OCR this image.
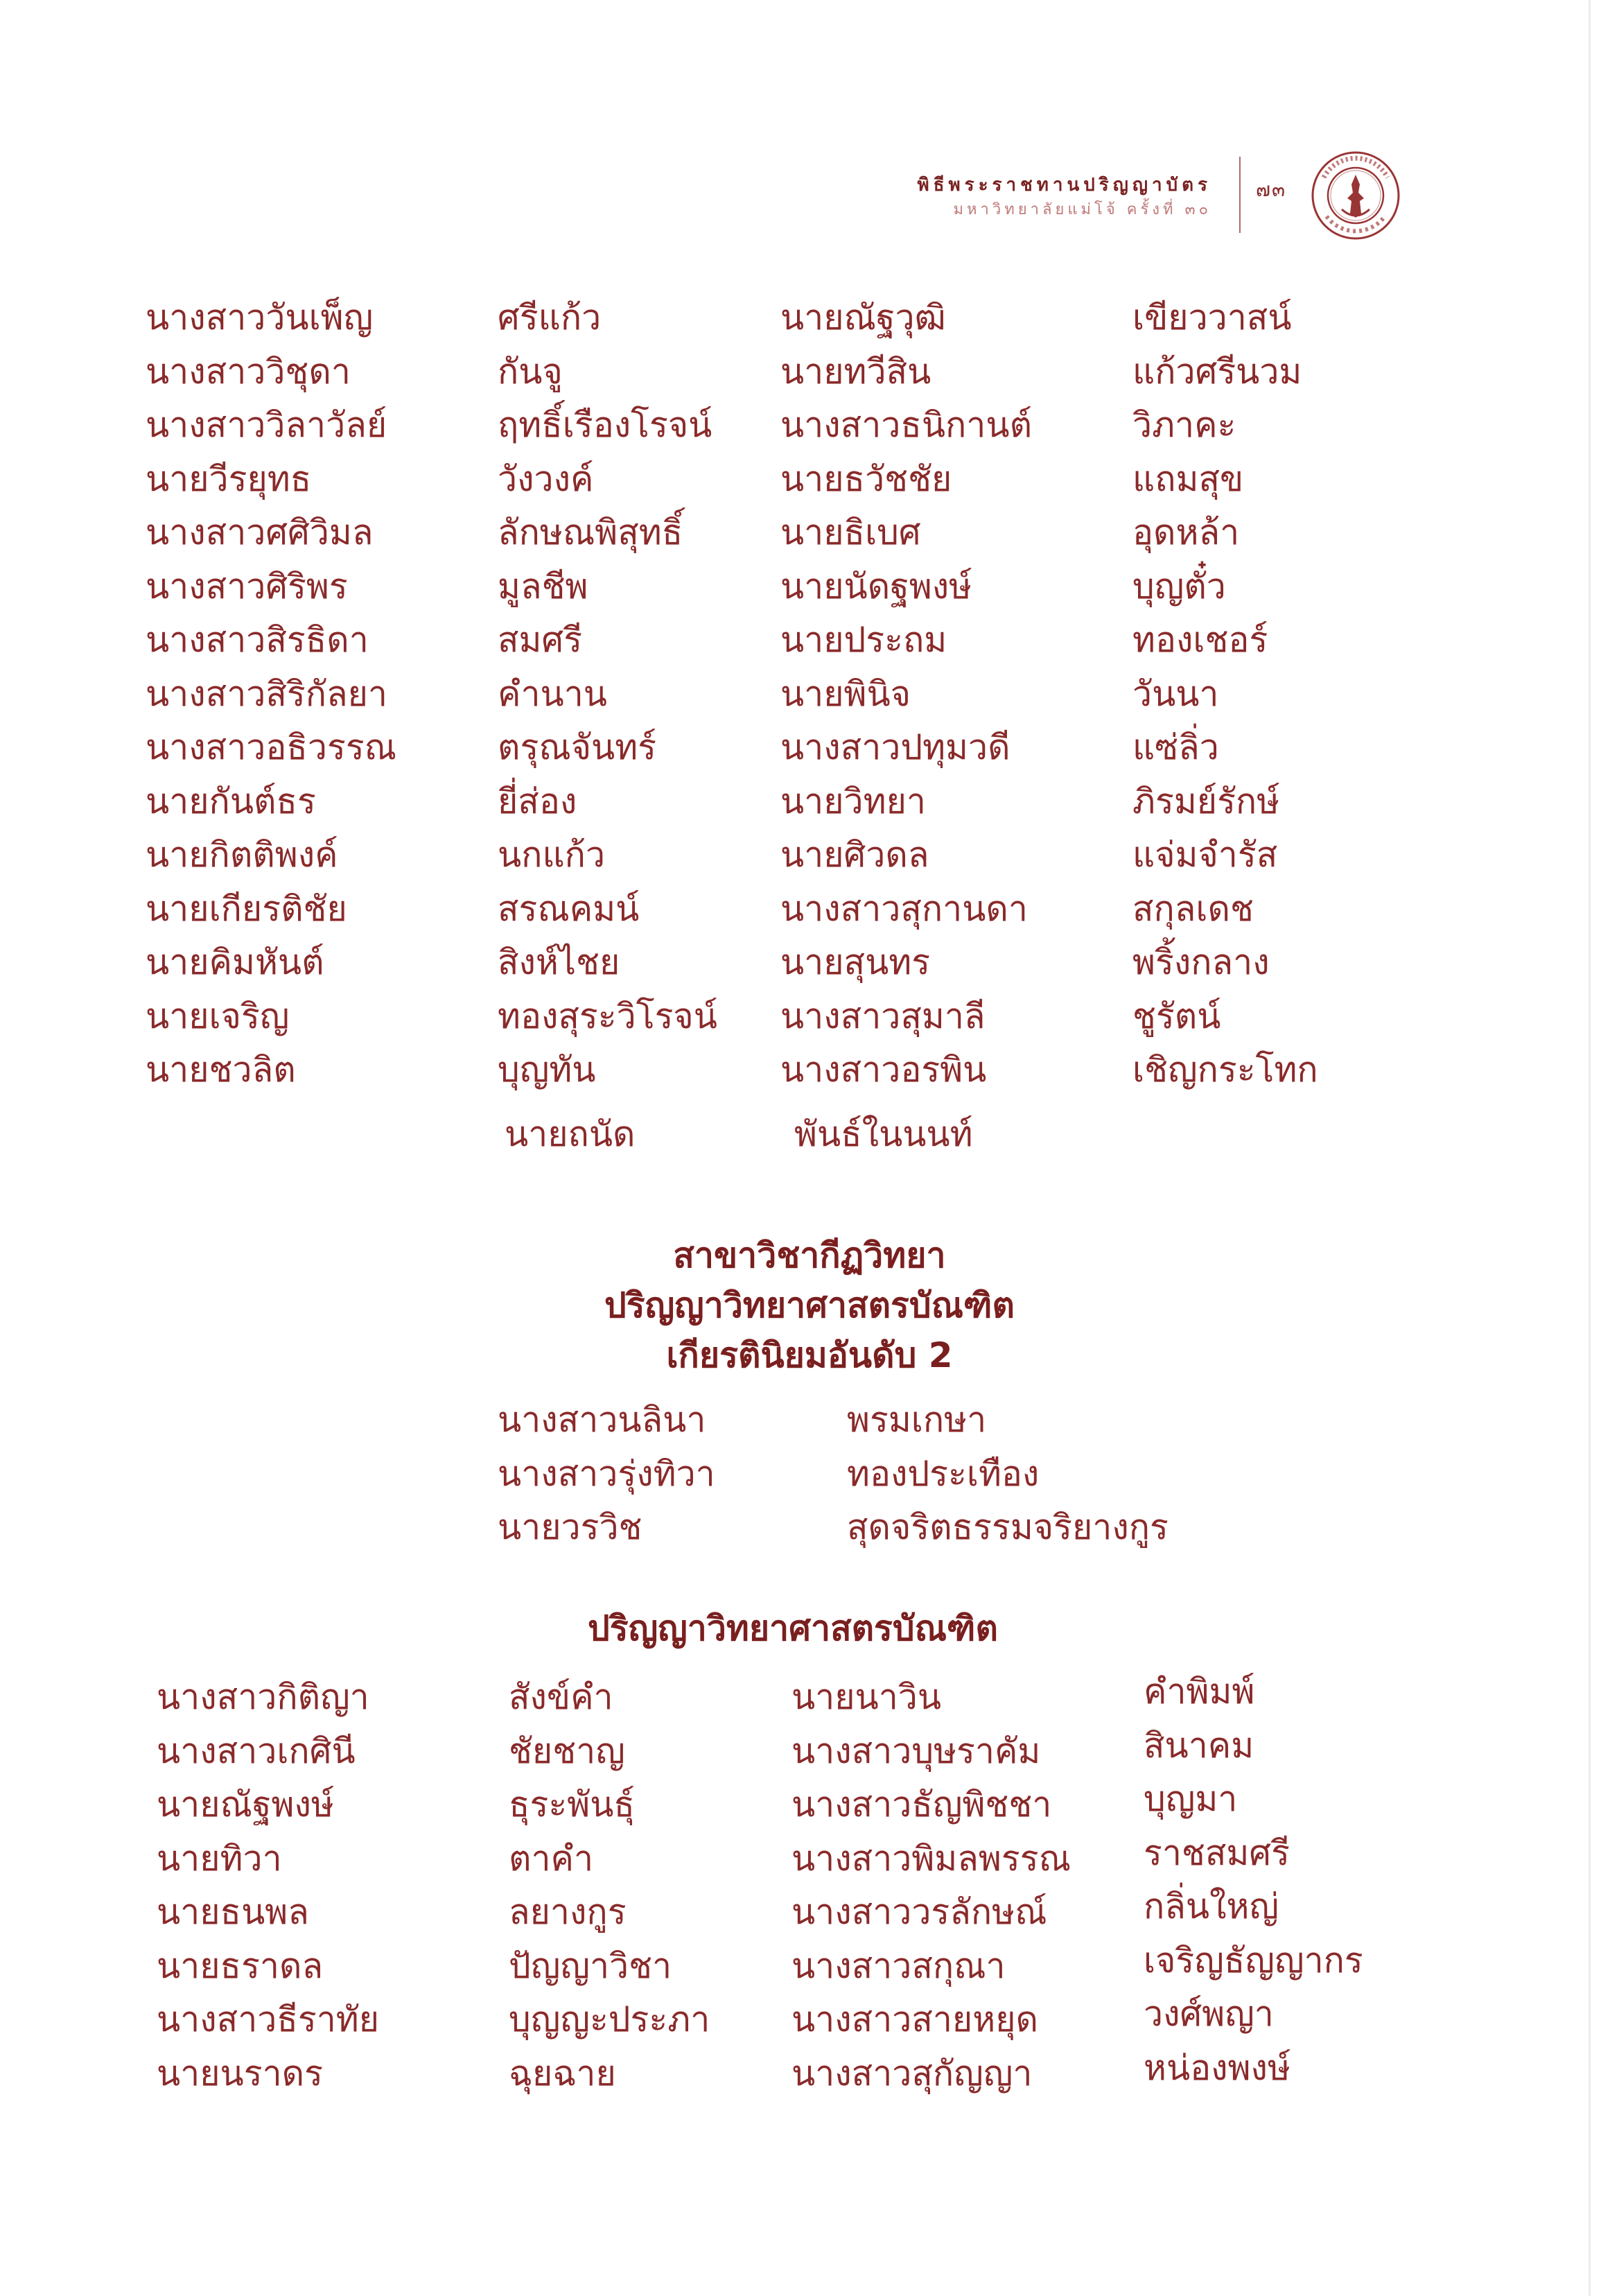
พิธีพระราชทานปริญญาบัตร
มหาวิทยาลัยแม่โจ้ ครั้งที่ ๓๐
๗๓
นางสาววันเพ็ญ
นางสาววิชุดา
นางสาววิลาวัลย์
นายวีรยุทธ
นางสาวศศิวิมล
นางสาวศิริพร
นางสาวสิรธิดา
นางสาวสิริกัลยา
นางสาวอธิวรรณ
นายกันต์ธร
นายกิตติพงค์
นายเกียรติชัย
นายคิมหันต์
นายเจริญ
นายชวลิต
ศรีแก้ว
กันจู
ฤทธิ์เรืองโรจน์
วังวงค์
ลักษณพิสุทธิ์
มูลชีพ
สมศรี
คำนาน
ตรุณจันทร์
ยี่ส่อง
นกแก้ว
สรณคมน์
สิงห์ไชย
ทองสุระวิโรจน์
บุญทัน
นายณัฐวุฒิ
นายทวีสิน
นางสาวธนิกานต์
นายธวัชชัย
นายธิเบศ
นายนัดฐพงษ์
นายประถม
นายพินิจ
นางสาวปทุมวดี
นายวิทยา
นายศิวดล
นางสาวสุกานดา
นายสุนทร
นางสาวสุมาลี
นางสาวอรพิน
เขียววาสน์
แก้วศรีนวม
วิภาคะ
แถมสุข
อุดหล้า
บุญตั๋ว
ทองเชอร์
วันนา
แซ่ลิ่ว
ภิรมย์รักษ์
แจ่มจำรัส
สกุลเดช
พริ้งกลาง
ชูรัตน์
เชิญกระโทก
นายถนัด	พันธ์ในนนท์
สาขาวิชากีฏวิทยา
ปริญญาวิทยาศาสตรบัณฑิต
เกียรตินิยมอันดับ 2
นางสาวนลินา
นางสาวรุ่งทิวา
นายวรวิช
พรมเกษา
ทองประเทือง
สุดจริตธรรมจริยางกูร
ปริญญาวิทยาศาสตรบัณฑิต
นางสาวกิติญา
นางสาวเกศินี
นายณัฐพงษ์
นายทิวา
นายธนพล
นายธราดล
นางสาวธีราทัย
นายนราดร
สังข์คำ
ชัยชาญ
ธุระพันธุ์
ตาคำ
ลยางกูร
ปัญญาวิชา
บุญญะประภา
ฉุยฉาย
นายนาวิน
นางสาวบุษราคัม
นางสาวธัญพิชชา
นางสาวพิมลพรรณ
นางสาววรลักษณ์
นางสาวสกุณา
นางสาวสายหยุด
นางสาวสุกัญญา
คำพิมพ์
สินาคม
บุญมา
ราชสมศรี
กลิ่นใหญ่
เจริญธัญญากร
วงศ์พญา
หน่องพงษ์
